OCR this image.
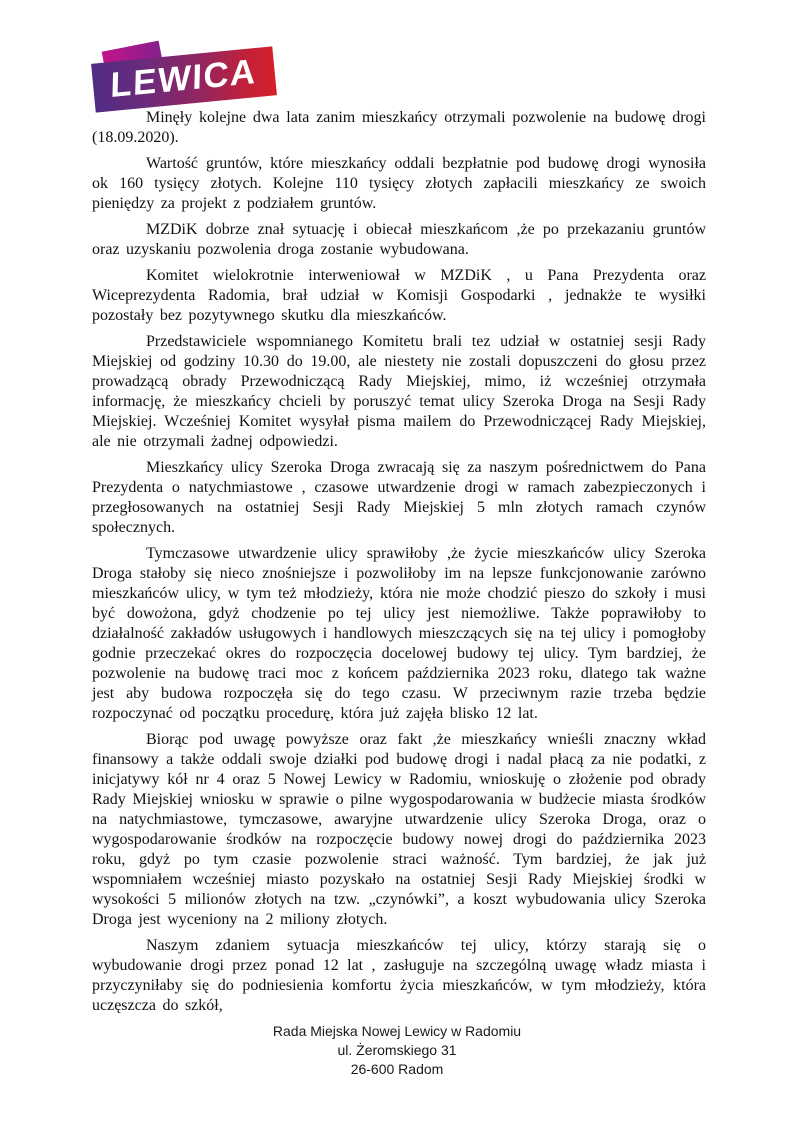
LEWICA

Minęły kolejne dwa lata zanim mieszkańcy otrzymali pozwolenie na budowę drogi (18.09.2020).

Wartość gruntów, które mieszkańcy oddali bezpłatnie pod budowę drogi wynosiła ok 160 tysięcy złotych. Kolejne 110 tysięcy złotych zapłacili mieszkańcy ze swoich pieniędzy za projekt z podziałem gruntów.

MZDiK dobrze znał sytuację i obiecał mieszkańcom ,że po przekazaniu gruntów oraz uzyskaniu pozwolenia droga zostanie wybudowana.

Komitet wielokrotnie interweniował w MZDiK , u Pana Prezydenta oraz Wiceprezydenta Radomia, brał udział w Komisji Gospodarki , jednakże te wysiłki pozostały bez pozytywnego skutku dla mieszkańców.

Przedstawiciele wspomnianego Komitetu brali tez udział w ostatniej sesji Rady Miejskiej od godziny 10.30 do 19.00, ale niestety nie zostali dopuszczeni do głosu przez prowadzącą obrady Przewodniczącą Rady Miejskiej, mimo, iż wcześniej otrzymała informację, że mieszkańcy chcieli by poruszyć temat ulicy Szeroka Droga na Sesji Rady Miejskiej. Wcześniej Komitet wysyłał pisma mailem do Przewodniczącej Rady Miejskiej, ale nie otrzymali żadnej odpowiedzi.

Mieszkańcy ulicy Szeroka Droga zwracają się za naszym pośrednictwem do Pana Prezydenta o natychmiastowe , czasowe utwardzenie drogi w ramach zabezpieczonych i przegłosowanych na ostatniej Sesji Rady Miejskiej 5 mln złotych ramach czynów społecznych.

Tymczasowe utwardzenie ulicy sprawiłoby ,że życie mieszkańców ulicy Szeroka Droga stałoby się nieco znośniejsze i pozwoliłoby im na lepsze funkcjonowanie zarówno mieszkańców ulicy, w tym też młodzieży, która nie może chodzić pieszo do szkoły i musi być dowożona, gdyż chodzenie po tej ulicy jest niemożliwe. Także poprawiłoby to działalność zakładów usługowych i handlowych mieszczących się na tej ulicy i pomogłoby godnie przeczekać okres do rozpoczęcia docelowej budowy tej ulicy. Tym bardziej, że pozwolenie na budowę traci moc z końcem października 2023 roku, dlatego tak ważne jest aby budowa rozpoczęła się do tego czasu. W przeciwnym razie trzeba będzie rozpoczynać od początku procedurę, która już zajęła blisko 12 lat.

Biorąc pod uwagę powyższe oraz fakt ,że mieszkańcy wnieśli znaczny wkład finansowy a także oddali swoje działki pod budowę drogi i nadal płacą za nie podatki, z inicjatywy kół nr 4 oraz 5 Nowej Lewicy w Radomiu, wnioskuję o złożenie pod obrady Rady Miejskiej wniosku w sprawie o pilne wygospodarowania w budżecie miasta środków na natychmiastowe, tymczasowe, awaryjne utwardzenie ulicy Szeroka Droga, oraz o wygospodarowanie środków na rozpoczęcie budowy nowej drogi do października 2023 roku, gdyż po tym czasie pozwolenie straci ważność. Tym bardziej, że jak już wspomniałem wcześniej miasto pozyskało na ostatniej Sesji Rady Miejskiej środki w wysokości 5 milionów złotych na tzw. „czynówki”, a koszt wybudowania ulicy Szeroka Droga jest wyceniony na 2 miliony złotych.

Naszym zdaniem sytuacja mieszkańców tej ulicy, którzy starają się o wybudowanie drogi przez ponad 12 lat , zasługuje na szczególną uwagę władz miasta i przyczyniłaby się do podniesienia komfortu życia mieszkańców, w tym młodzieży, która uczęszcza do szkół,

Rada Miejska Nowej Lewicy w Radomiu
ul. Żeromskiego 31
26-600 Radom
